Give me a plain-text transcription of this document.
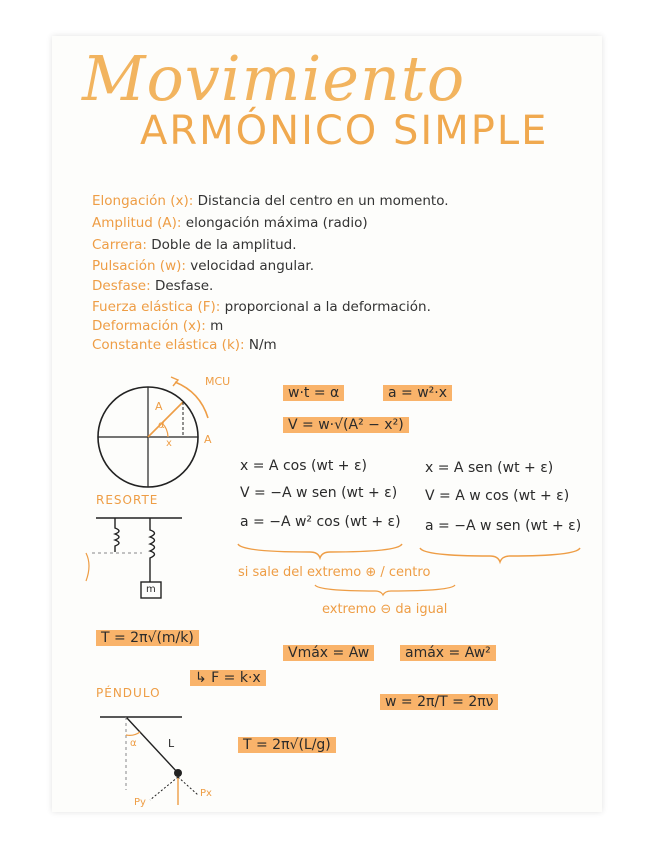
Movimiento
ARMÓNICO SIMPLE
Elongación (x): Distancia del centro en un momento.
Amplitud (A): elongación máxima (radio)
Carrera: Doble de la amplitud.
Pulsación (w): velocidad angular.
Desfase: Desfase.
Fuerza elástica (F): proporcional a la deformación.
Deformación (x): m
Constante elástica (k): N/m
MCU
A
A
α
x
w·t = α	a = w²·x
V = w·√(A² − x²)
x = A cos (wt + ε)
V = −A w sen (wt + ε)
a = −A w² cos (wt + ε)
x = A sen (wt + ε)
V = A w cos (wt + ε)
a = −A w sen (wt + ε)
si sale del extremo ⊕ / centro
extremo ⊖ da igual
RESORTE
m
T = 2π√(m/k)
↳ F = k·x
Vmáx = Aw	amáx = Aw²
w = 2π/T = 2πν
PÉNDULO
T = 2π√(L/g)
L
α
Py
Px
